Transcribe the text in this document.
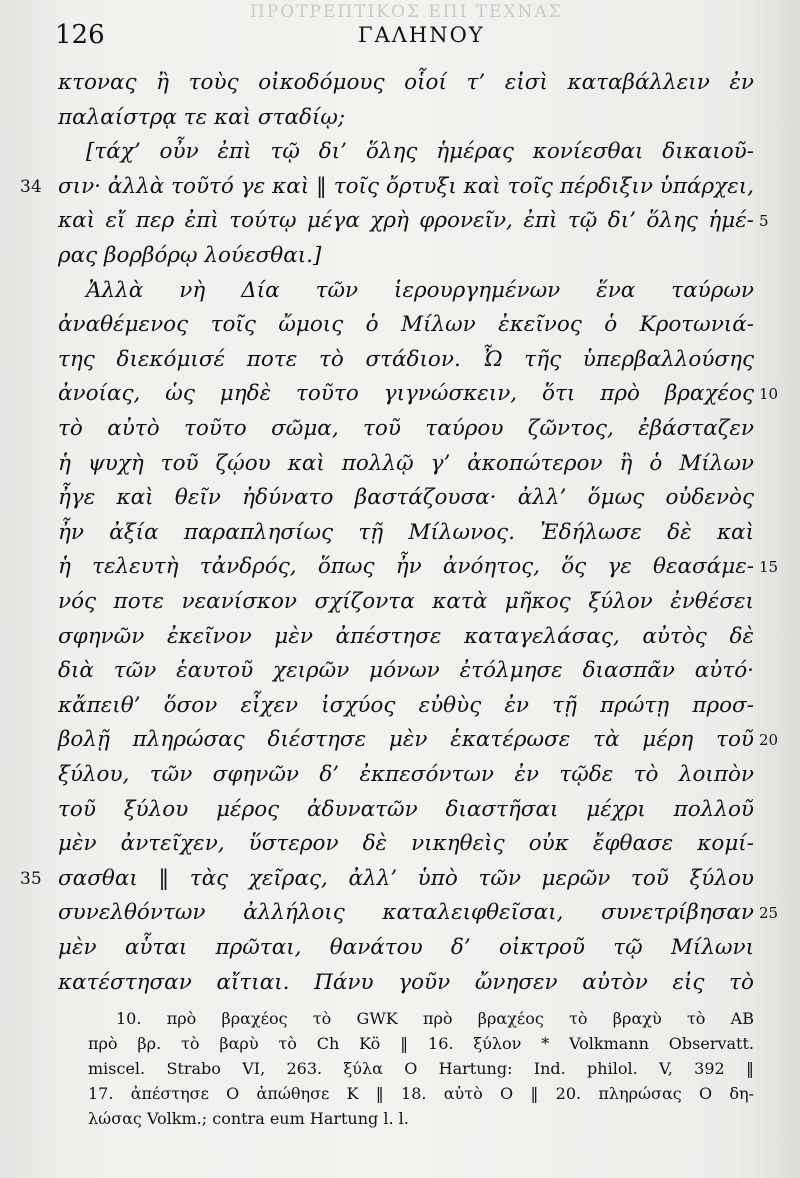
ΠΡΟΤΡΕΠΤΙΚΟΣ ΕΠΙ ΤΕΧΝΑΣ
126	ΓΑΛΗΝΟΥ
κτονας ἢ τοὺς οἰκοδόμους οἷοί τ’ εἰσὶ καταβάλλειν ἐν
παλαίστρᾳ τε καὶ σταδίῳ;
[τάχ’ οὖν ἐπὶ τῷ δι’ ὅλης ἡμέρας κονίεσθαι δικαιοῦ-
σιν· ἀλλὰ τοῦτό γε καὶ ‖ τοῖς ὄρτυξι καὶ τοῖς πέρδιξιν ὑπάρχει,
34
καὶ εἴ περ ἐπὶ τούτῳ μέγα χρὴ φρονεῖν, ἐπὶ τῷ δι’ ὅλης ἡμέ- 5
ρας βορβόρῳ λούεσθαι.]
Ἀλλὰ νὴ Δία τῶν ἱερουργημένων ἕνα ταύρων
ἀναθέμενος τοῖς ὤμοις ὁ Μίλων ἐκεῖνος ὁ Κροτωνιά-
της διεκόμισέ ποτε τὸ στάδιον. Ὦ τῆς ὑπερβαλλούσης
ἀνοίας, ὡς μηδὲ τοῦτο γιγνώσκειν, ὅτι πρὸ βραχέος 10
τὸ αὐτὸ τοῦτο σῶμα, τοῦ ταύρου ζῶντος, ἐβάσταζεν
ἡ ψυχὴ τοῦ ζῴου καὶ πολλῷ γ’ ἀκοπώτερον ἢ ὁ Μίλων
ἦγε καὶ θεῖν ἠδύνατο βαστάζουσα· ἀλλ’ ὅμως οὐδενὸς
ἦν ἀξία παραπλησίως τῇ Μίλωνος. Ἐδήλωσε δὲ καὶ
ἡ τελευτὴ τἀνδρός, ὅπως ἦν ἀνόητος, ὅς γε θεασάμε- 15
νός ποτε νεανίσκον σχίζοντα κατὰ μῆκος ξύλον ἐνθέσει
σφηνῶν ἐκεῖνον μὲν ἀπέστησε καταγελάσας, αὐτὸς δὲ
διὰ τῶν ἑαυτοῦ χειρῶν μόνων ἐτόλμησε διασπᾶν αὐτό·
κἄπειθ’ ὅσον εἶχεν ἰσχύος εὐθὺς ἐν τῇ πρώτῃ προσ-
βολῇ πληρώσας διέστησε μὲν ἑκατέρωσε τὰ μέρη τοῦ 20
ξύλου, τῶν σφηνῶν δ’ ἐκπεσόντων ἐν τῷδε τὸ λοιπὸν
τοῦ ξύλου μέρος ἀδυνατῶν διαστῆσαι μέχρι πολλοῦ
μὲν ἀντεῖχεν, ὕστερον δὲ νικηθεὶς οὐκ ἔφθασε κομί-
σασθαι ‖ τὰς χεῖρας, ἀλλ’ ὑπὸ τῶν μερῶν τοῦ ξύλου
35
συνελθόντων ἀλλήλοις καταλειφθεῖσαι, συνετρίβησαν 25
μὲν αὗται πρῶται, θανάτου δ’ οἰκτροῦ τῷ Μίλωνι
κατέστησαν αἴτιαι. Πάνυ γοῦν ὤνησεν αὐτὸν εἰς τὸ
10. πρὸ βραχέος τὸ GWK πρὸ βραχέος τὸ βραχὺ τὸ AB
πρὸ βρ. τὸ βαρὺ τὸ Ch Kö ‖ 16. ξύλον * Volkmann Observatt.
miscel. Strabo VI, 263. ξύλα O Hartung: Ind. philol. V, 392 ‖
17. ἀπέστησε O ἀπώθησε K ‖ 18. αὐτὸ O ‖ 20. πληρώσας O δη-
λώσας Volkm.; contra eum Hartung l. l.
